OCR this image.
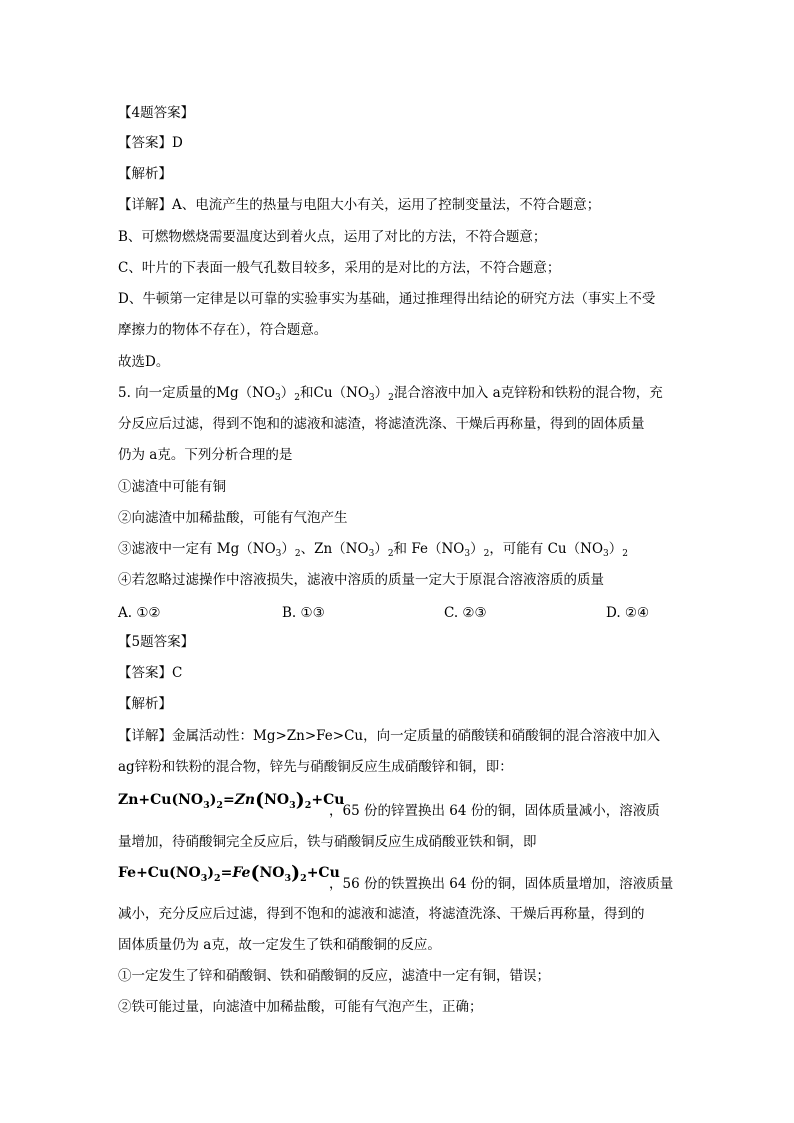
【4题答案】
【答案】D
【解析】
【详解】A、电流产生的热量与电阻大小有关，运用了控制变量法，不符合题意；
B、可燃物燃烧需要温度达到着火点，运用了对比的方法，不符合题意；
C、叶片的下表面一般气孔数目较多，采用的是对比的方法，不符合题意；
D、牛顿第一定律是以可靠的实验事实为基础，通过推理得出结论的研究方法（事实上不受
摩擦力的物体不存在），符合题意。
故选D。
5. 向一定质量的$Mg(NO_3)_2$和$Cu(NO_3)_2$混合溶液中加入 a克锌粉和铁粉的混合物，充
分反应后过滤，得到不饱和的滤液和滤渣，将滤渣洗涤、干燥后再称量，得到的固体质量
仍为 a克。下列分析合理的是
①滤渣中可能有铜
②向滤渣中加稀盐酸，可能有气泡产生
③滤液中一定有 $Mg(NO_3)_2$、$Zn(NO_3)_2$和 $Fe(NO_3)_2$，可能有 $Cu(NO_3)_2$
④若忽略过滤操作中溶液损失，滤液中溶质的质量一定大于原混合溶液溶质的质量
A. ①②	B. ①③	C. ②③	D. ②④
【5题答案】
【答案】C
【解析】
【详解】金属活动性：Mg>Zn>Fe>Cu，向一定质量的硝酸镁和硝酸铜的混合溶液中加入
ag锌粉和铁粉的混合物，锌先与硝酸铜反应生成硝酸锌和铜，即：
$Zn+Cu(NO_3)_2=Zn(NO_3)_2+Cu$
，65 份的锌置换出 64 份的铜，固体质量减小，溶液质
量增加，待硝酸铜完全反应后，铁与硝酸铜反应生成硝酸亚铁和铜，即
$Fe+Cu(NO_3)_2=Fe(NO_3)_2+Cu$
，56 份的铁置换出 64 份的铜，固体质量增加，溶液质量
减小，充分反应后过滤，得到不饱和的滤液和滤渣，将滤渣洗涤、干燥后再称量，得到的
固体质量仍为 a克，故一定发生了铁和硝酸铜的反应。
①一定发生了锌和硝酸铜、铁和硝酸铜的反应，滤渣中一定有铜，错误；
②铁可能过量，向滤渣中加稀盐酸，可能有气泡产生，正确；
